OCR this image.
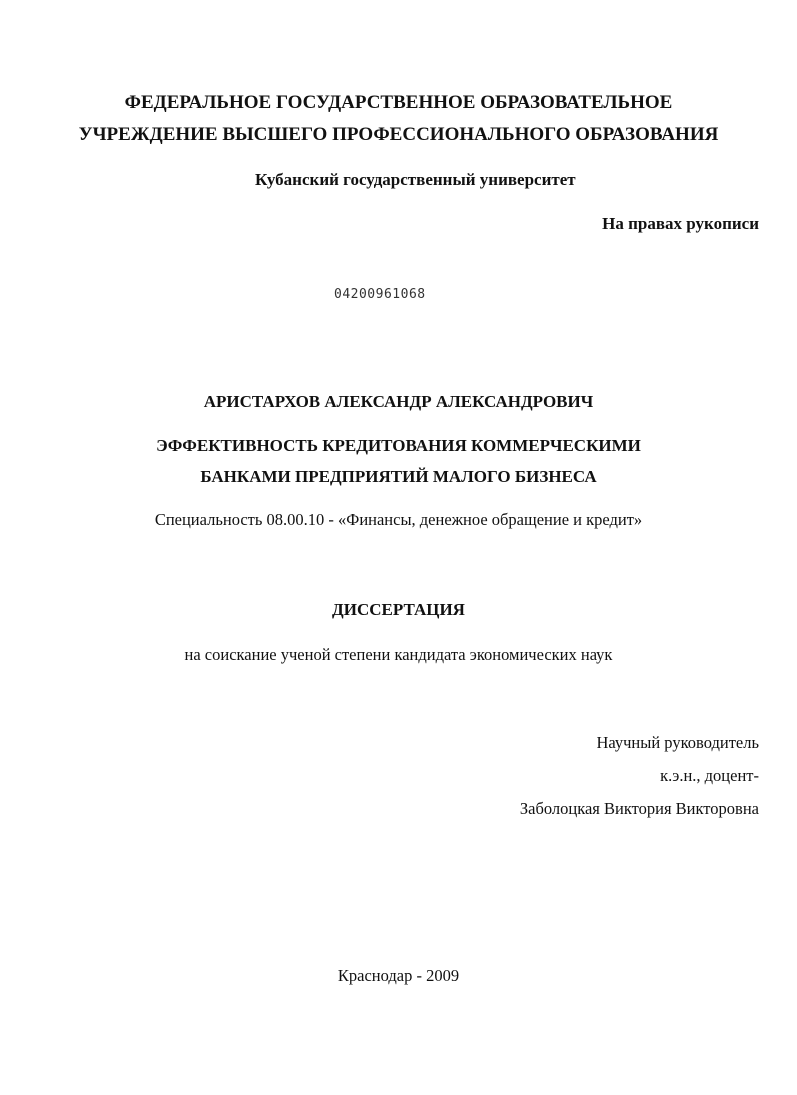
ФЕДЕРАЛЬНОЕ ГОСУДАРСТВЕННОЕ ОБРАЗОВАТЕЛЬНОЕ
УЧРЕЖДЕНИЕ ВЫСШЕГО ПРОФЕССИОНАЛЬНОГО ОБРАЗОВАНИЯ
Кубанский государственный университет
На правах рукописи
04200961068
АРИСТАРХОВ АЛЕКСАНДР АЛЕКСАНДРОВИЧ
ЭФФЕКТИВНОСТЬ КРЕДИТОВАНИЯ КОММЕРЧЕСКИМИ
БАНКАМИ ПРЕДПРИЯТИЙ МАЛОГО БИЗНЕСА
Специальность 08.00.10 - «Финансы, денежное обращение и кредит»
ДИССЕРТАЦИЯ
на соискание ученой степени кандидата экономических наук
Научный руководитель
к.э.н., доцент-
Заболоцкая Виктория Викторовна
Краснодар - 2009
